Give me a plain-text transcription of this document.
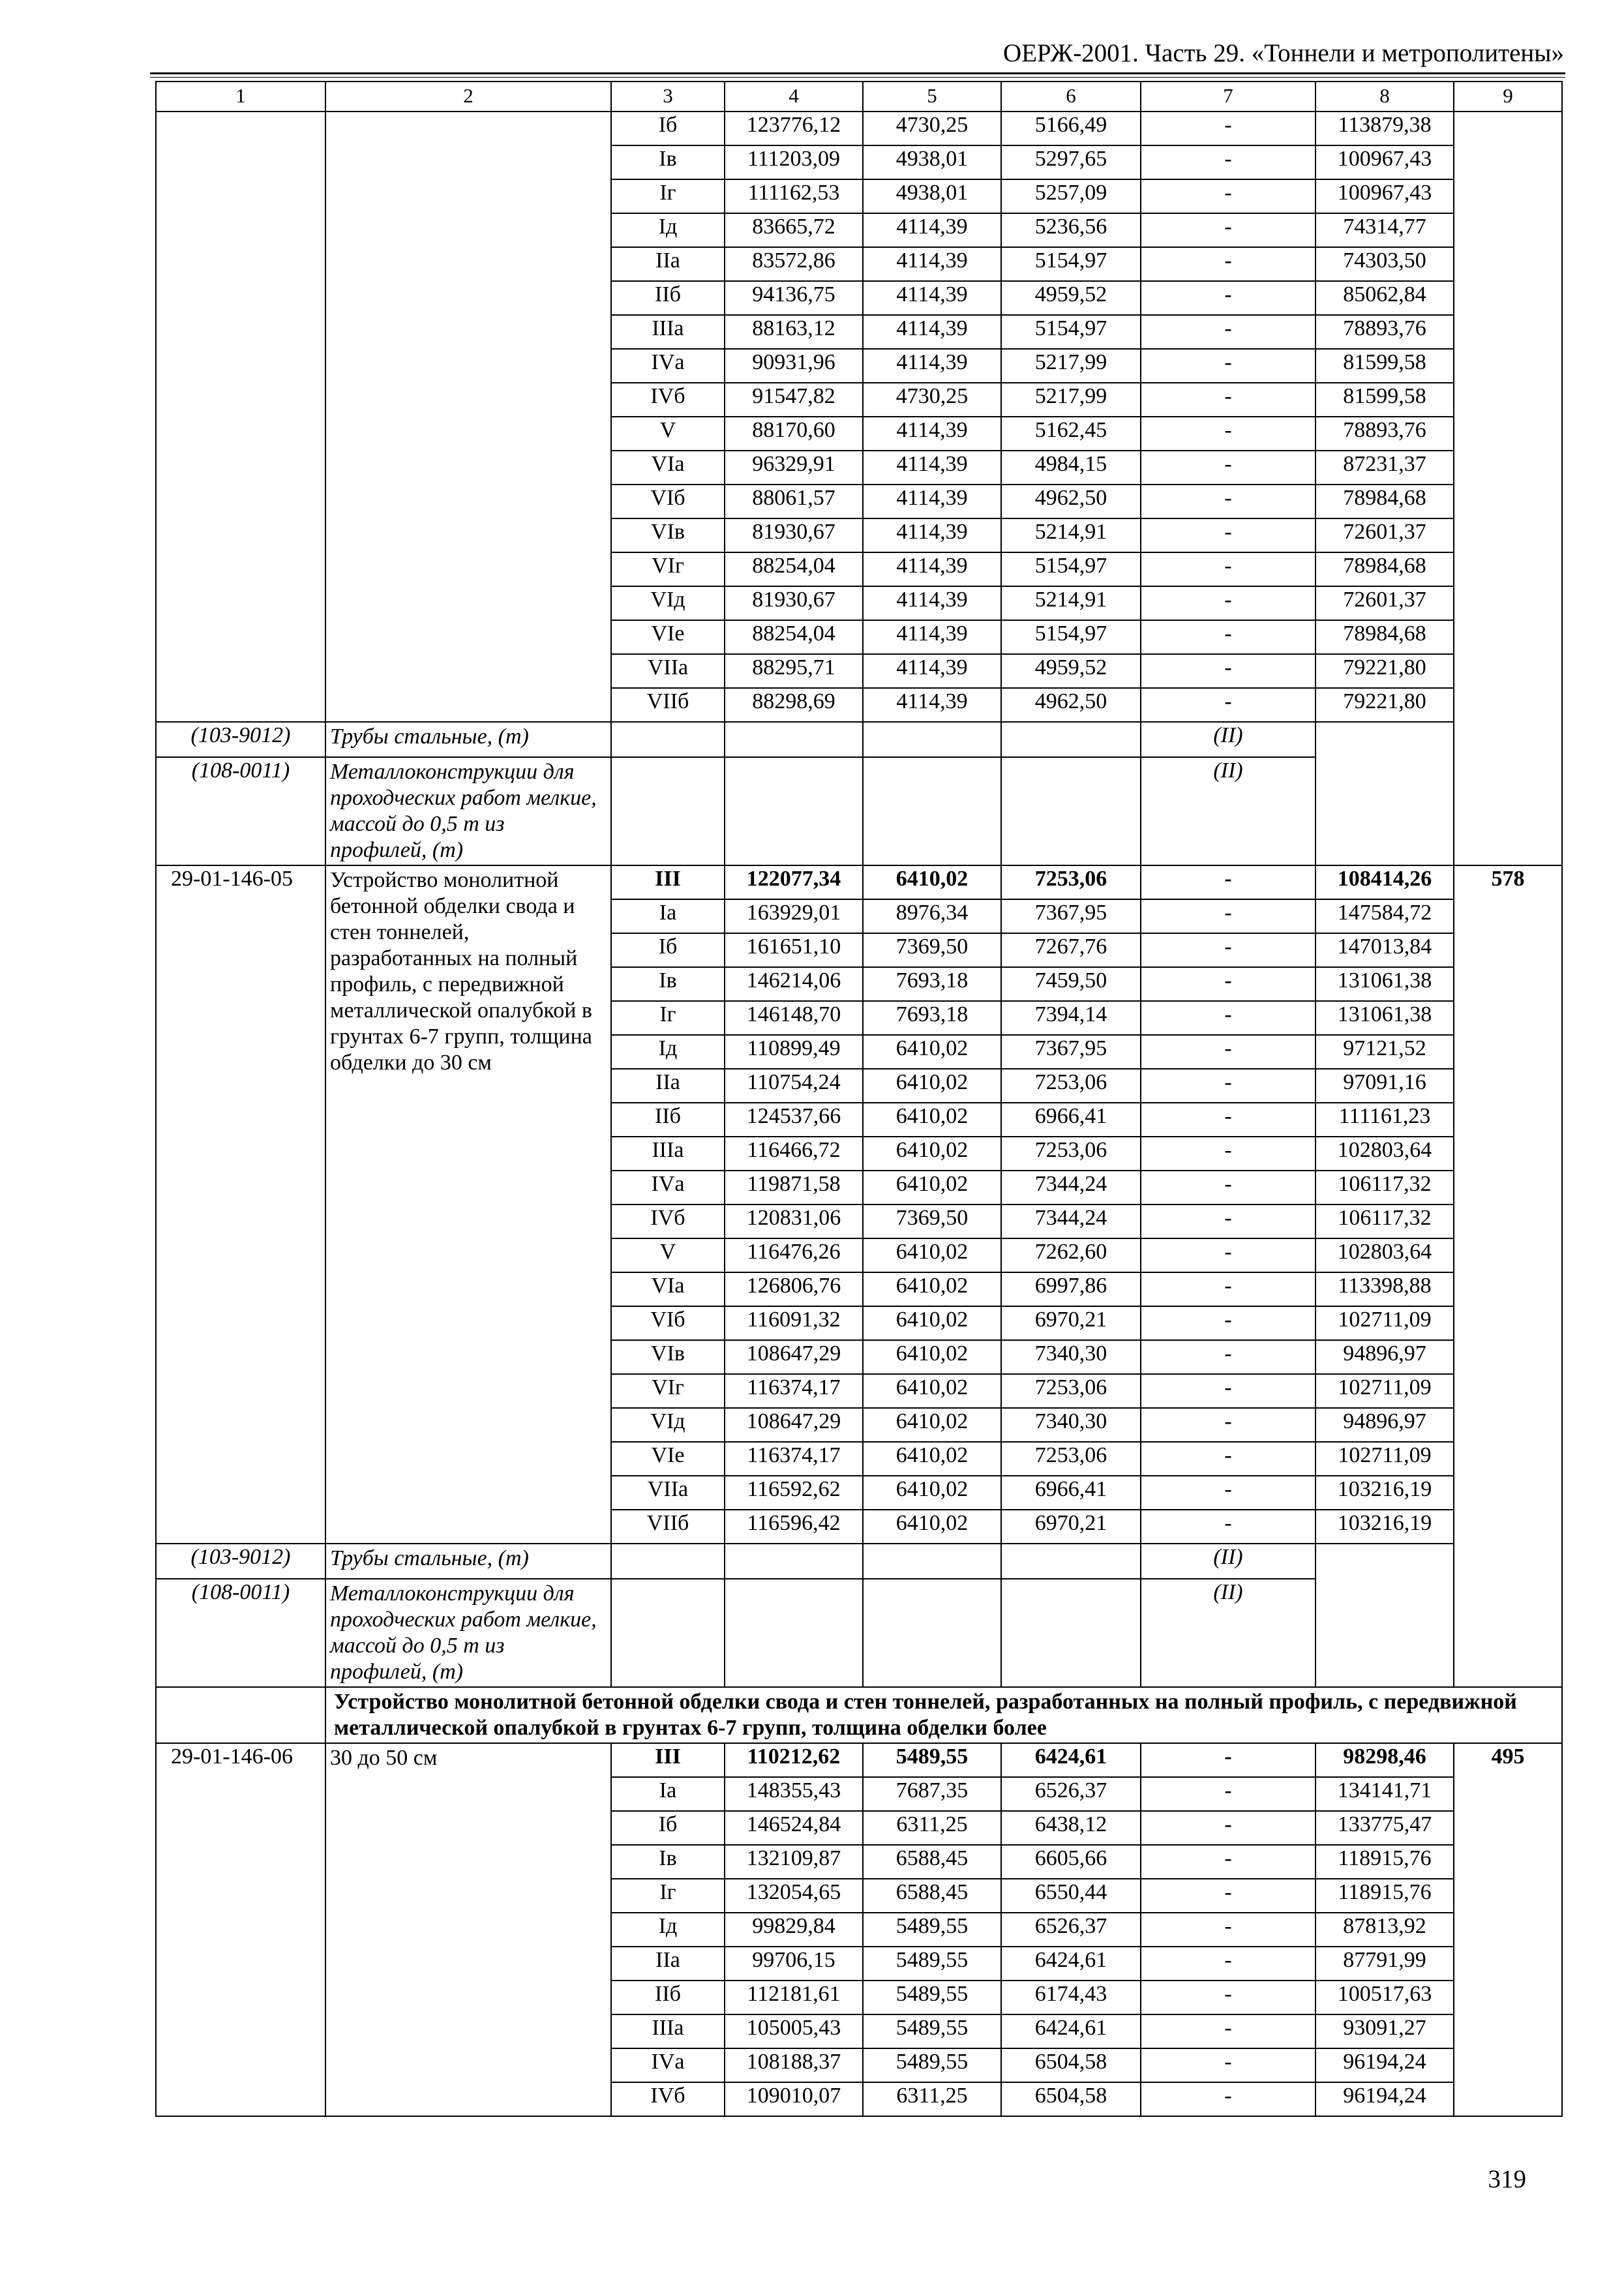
ОЕРЖ-2001. Часть 29. «Тоннели и метрополитены»
1	2	3	4	5	6	7	8	9
		Iб	123776,12	4730,25	5166,49	-	113879,38	
		Iв	111203,09	4938,01	5297,65	-	100967,43	
		Iг	111162,53	4938,01	5257,09	-	100967,43	
		Iд	83665,72	4114,39	5236,56	-	74314,77	
		IIа	83572,86	4114,39	5154,97	-	74303,50	
		IIб	94136,75	4114,39	4959,52	-	85062,84	
		IIIа	88163,12	4114,39	5154,97	-	78893,76	
		IVа	90931,96	4114,39	5217,99	-	81599,58	
		IVб	91547,82	4730,25	5217,99	-	81599,58	
		V	88170,60	4114,39	5162,45	-	78893,76	
		VIа	96329,91	4114,39	4984,15	-	87231,37	
		VIб	88061,57	4114,39	4962,50	-	78984,68	
		VIв	81930,67	4114,39	5214,91	-	72601,37	
		VIг	88254,04	4114,39	5154,97	-	78984,68	
		VIд	81930,67	4114,39	5214,91	-	72601,37	
		VIе	88254,04	4114,39	5154,97	-	78984,68	
		VIIа	88295,71	4114,39	4959,52	-	79221,80	
		VIIб	88298,69	4114,39	4962,50	-	79221,80	
(103-9012)	Трубы стальные, (т)					(II)		
(108-0011)	Металлоконструкции для проходческих работ мелкие, массой до 0,5 т из профилей, (т)					(II)		
29-01-146-05	Устройство монолитной бетонной обделки свода и стен тоннелей, разработанных на полный профиль, с передвижной металлической опалубкой в грунтах 6-7 групп, толщина обделки до 30 см	III	122077,34	6410,02	7253,06	-	108414,26	578
		Iа	163929,01	8976,34	7367,95	-	147584,72	
		Iб	161651,10	7369,50	7267,76	-	147013,84	
		Iв	146214,06	7693,18	7459,50	-	131061,38	
		Iг	146148,70	7693,18	7394,14	-	131061,38	
		Iд	110899,49	6410,02	7367,95	-	97121,52	
		IIа	110754,24	6410,02	7253,06	-	97091,16	
		IIб	124537,66	6410,02	6966,41	-	111161,23	
		IIIа	116466,72	6410,02	7253,06	-	102803,64	
		IVа	119871,58	6410,02	7344,24	-	106117,32	
		IVб	120831,06	7369,50	7344,24	-	106117,32	
		V	116476,26	6410,02	7262,60	-	102803,64	
		VIа	126806,76	6410,02	6997,86	-	113398,88	
		VIб	116091,32	6410,02	6970,21	-	102711,09	
		VIв	108647,29	6410,02	7340,30	-	94896,97	
		VIг	116374,17	6410,02	7253,06	-	102711,09	
		VIд	108647,29	6410,02	7340,30	-	94896,97	
		VIе	116374,17	6410,02	7253,06	-	102711,09	
		VIIа	116592,62	6410,02	6966,41	-	103216,19	
		VIIб	116596,42	6410,02	6970,21	-	103216,19	
(103-9012)	Трубы стальные, (т)					(II)		
(108-0011)	Металлоконструкции для проходческих работ мелкие, массой до 0,5 т из профилей, (т)					(II)		
	Устройство монолитной бетонной обделки свода и стен тоннелей, разработанных на полный профиль, с передвижной металлической опалубкой в грунтах 6-7 групп, толщина обделки более							
29-01-146-06	30 до 50 см	III	110212,62	5489,55	6424,61	-	98298,46	495
		Iа	148355,43	7687,35	6526,37	-	134141,71	
		Iб	146524,84	6311,25	6438,12	-	133775,47	
		Iв	132109,87	6588,45	6605,66	-	118915,76	
		Iг	132054,65	6588,45	6550,44	-	118915,76	
		Iд	99829,84	5489,55	6526,37	-	87813,92	
		IIа	99706,15	5489,55	6424,61	-	87791,99	
		IIб	112181,61	5489,55	6174,43	-	100517,63	
		IIIа	105005,43	5489,55	6424,61	-	93091,27	
		IVа	108188,37	5489,55	6504,58	-	96194,24	
		IVб	109010,07	6311,25	6504,58	-	96194,24	
319
